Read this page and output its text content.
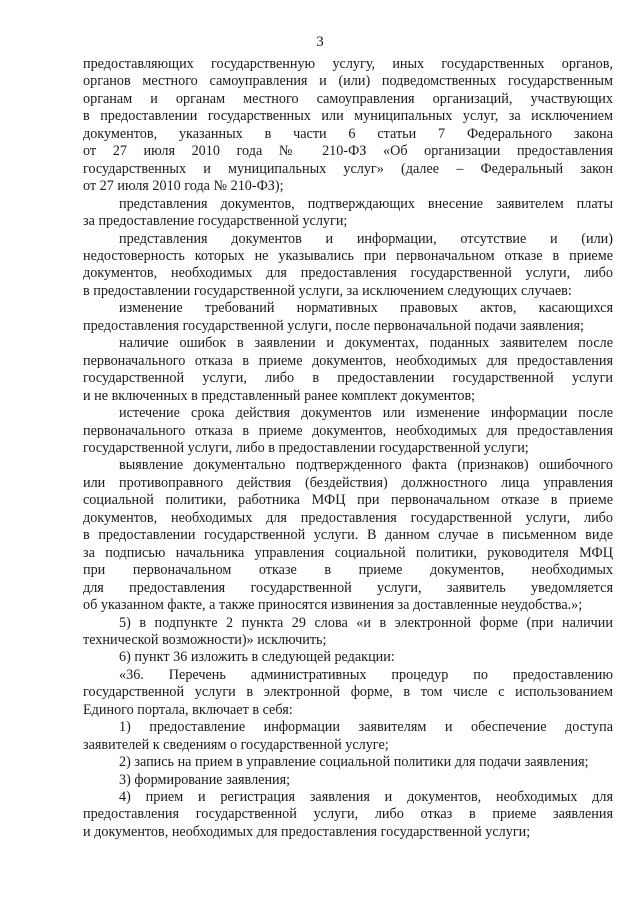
3
предоставляющих государственную услугу, иных государственных органов,
органов местного самоуправления и (или) подведомственных государственным
органам и органам местного самоуправления организаций, участвующих
в предоставлении государственных или муниципальных услуг, за исключением
документов, указанных в части 6 статьи 7 Федерального закона
от 27 июля 2010 года № 210-ФЗ «Об организации предоставления
государственных и муниципальных услуг» (далее – Федеральный закон
от 27 июля 2010 года № 210-ФЗ);
представления документов, подтверждающих внесение заявителем платы
за предоставление государственной услуги;
представления документов и информации, отсутствие и (или)
недостоверность которых не указывались при первоначальном отказе в приеме
документов, необходимых для предоставления государственной услуги, либо
в предоставлении государственной услуги, за исключением следующих случаев:
изменение требований нормативных правовых актов, касающихся
предоставления государственной услуги, после первоначальной подачи заявления;
наличие ошибок в заявлении и документах, поданных заявителем после
первоначального отказа в приеме документов, необходимых для предоставления
государственной услуги, либо в предоставлении государственной услуги
и не включенных в представленный ранее комплект документов;
истечение срока действия документов или изменение информации после
первоначального отказа в приеме документов, необходимых для предоставления
государственной услуги, либо в предоставлении государственной услуги;
выявление документально подтвержденного факта (признаков) ошибочного
или противоправного действия (бездействия) должностного лица управления
социальной политики, работника МФЦ при первоначальном отказе в приеме
документов, необходимых для предоставления государственной услуги, либо
в предоставлении государственной услуги. В данном случае в письменном виде
за подписью начальника управления социальной политики, руководителя МФЦ
при первоначальном отказе в приеме документов, необходимых
для предоставления государственной услуги, заявитель уведомляется
об указанном факте, а также приносятся извинения за доставленные неудобства.»;
5) в подпункте 2 пункта 29 слова «и в электронной форме (при наличии
технической возможности)» исключить;
6) пункт 36 изложить в следующей редакции:
«36. Перечень административных процедур по предоставлению
государственной услуги в электронной форме, в том числе с использованием
Единого портала, включает в себя:
1) предоставление информации заявителям и обеспечение доступа
заявителей к сведениям о государственной услуге;
2) запись на прием в управление социальной политики для подачи заявления;
3) формирование заявления;
4) прием и регистрация заявления и документов, необходимых для
предоставления государственной услуги, либо отказ в приеме заявления
и документов, необходимых для предоставления государственной услуги;
